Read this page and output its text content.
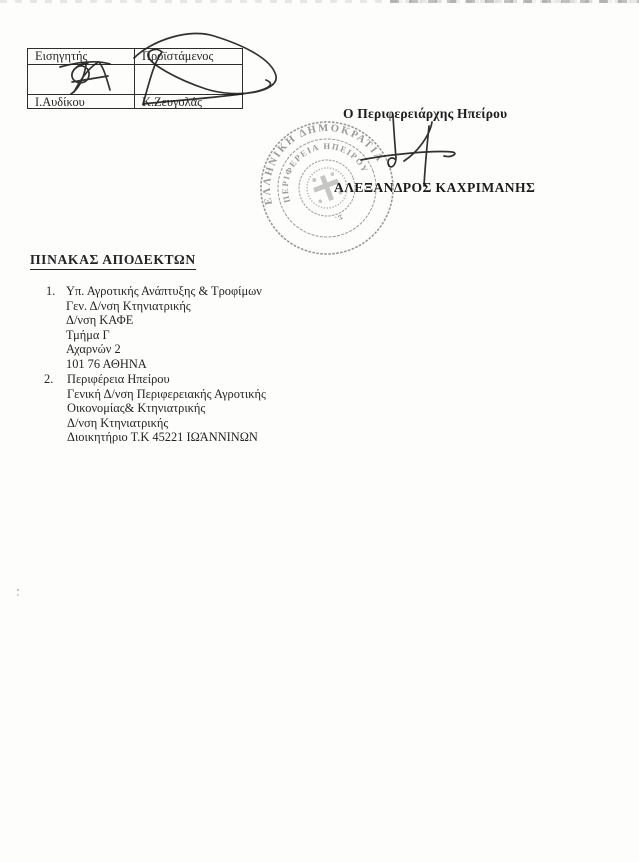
Εισηγητής	Προϊστάμενος
Ι.Αυδίκου	Κ.Ζευγολάς
Ο Περιφερειάρχης Ηπείρου
ΑΛΕΞΑΝΔΡΟΣ ΚΑΧΡΙΜΑΝΗΣ
ΕΛΛΗΝΙΚΗ ΔΗΜΟΚΡΑΤΙΑ
ΠΕΡΙΦΕΡΕΙΑ ΗΠΕΙΡΟΥ
Σ.
ΠΙΝΑΚΑΣ ΑΠΟΔΕΚΤΩΝ
1. Υπ. Αγροτικής Ανάπτυξης & Τροφίμων
Γεν. Δ/νση Κτηνιατρικής
Δ/νση ΚΑΦΕ
Τμήμα Γ
Αχαρνών 2
101 76 ΑΘΗΝΑ
2. Περιφέρεια Ηπείρου
Γενική Δ/νση Περιφερειακής Αγροτικής
Οικονομίας& Κτηνιατρικής
Δ/νση Κτηνιατρικής
Διοικητήριο Τ.Κ 45221 ΙΩΆΝΝΙΝΩΝ
